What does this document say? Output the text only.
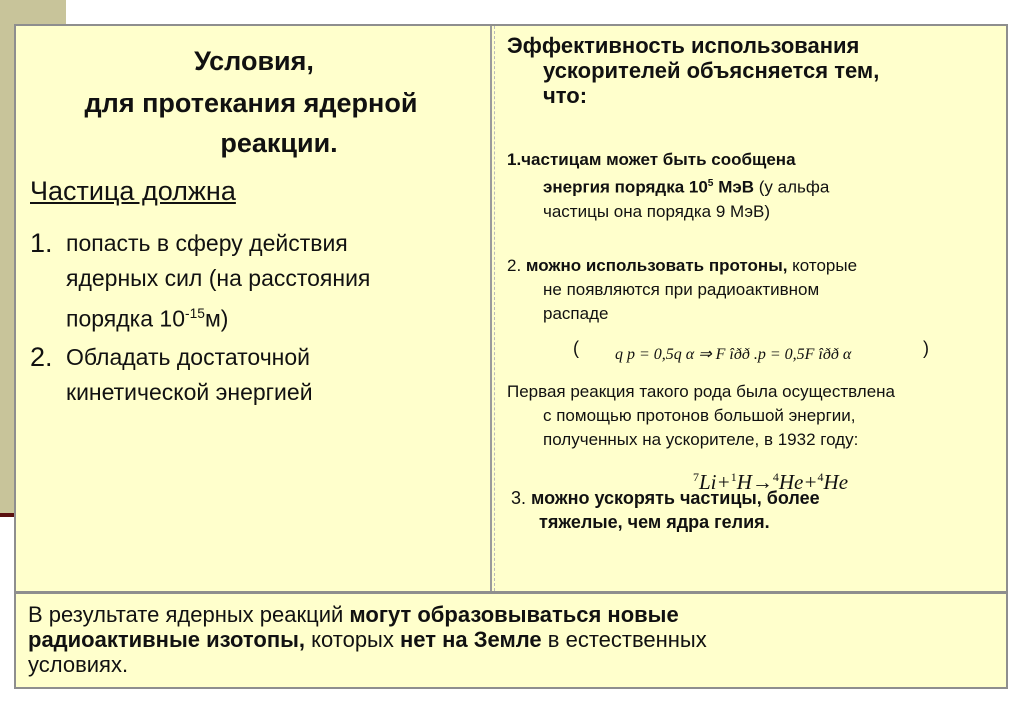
Условия,
для протекания ядерной
реакции.
Частица должна
1. попасть в сферу действия
ядерных сил (на расстояния
порядка $10^{-15}м$)
2. Обладать достаточной
кинетической энергией
Эффективность использования
ускорителей объясняется тем,
что:
1.частицам может быть сообщена
энергия порядка $10^5$ МэВ (у альфа
частицы она порядка 9 МэВ)
2. можно использовать протоны, которые
не появляются при радиоактивном
распаде
( q p = 0,5q α ⇒ F îðð .p = 0,5F îðð α	)
Первая реакция такого рода была осуществлена
с помощью протонов большой энергии,
полученных на ускорителе, в 1932 году:
$^7$Li+$^1$H→$^4$He+$^4$He
3. можно ускорять частицы, более
тяжелые, чем ядра гелия.
В результате ядерных реакций могут образовываться новые
радиоактивные изотопы, которых нет на Земле в естественных
условиях.
